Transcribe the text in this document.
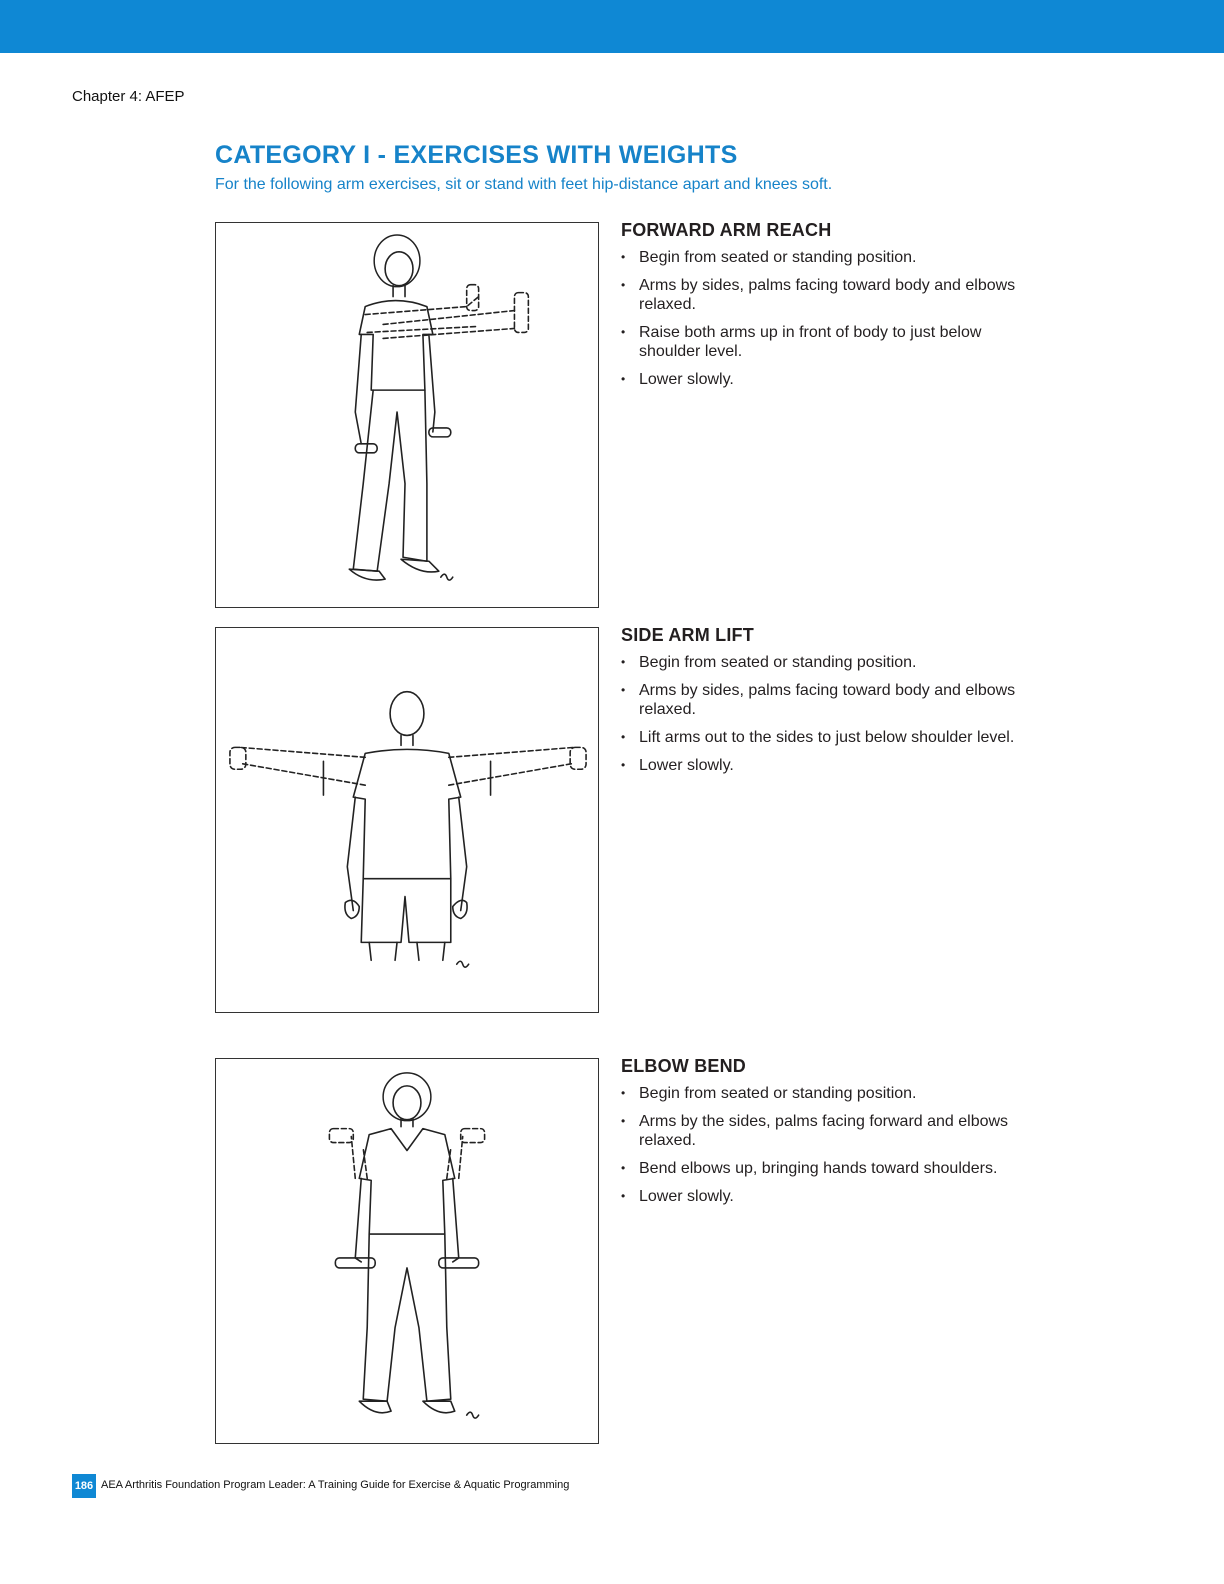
Chapter 4: AFEP
CATEGORY I - EXERCISES WITH WEIGHTS
For the following arm exercises, sit or stand with feet hip-distance apart and knees soft.
FORWARD ARM REACH
• Begin from seated or standing position.
• Arms by sides, palms facing toward body and elbows relaxed.
• Raise both arms up in front of body to just below shoulder level.
• Lower slowly.
SIDE ARM LIFT
• Begin from seated or standing position.
• Arms by sides, palms facing toward body and elbows relaxed.
• Lift arms out to the sides to just below shoulder level.
• Lower slowly.
ELBOW BEND
• Begin from seated or standing position.
• Arms by the sides, palms facing forward and elbows relaxed.
• Bend elbows up, bringing hands toward shoulders.
• Lower slowly.
186 AEA Arthritis Foundation Program Leader: A Training Guide for Exercise & Aquatic Programming
